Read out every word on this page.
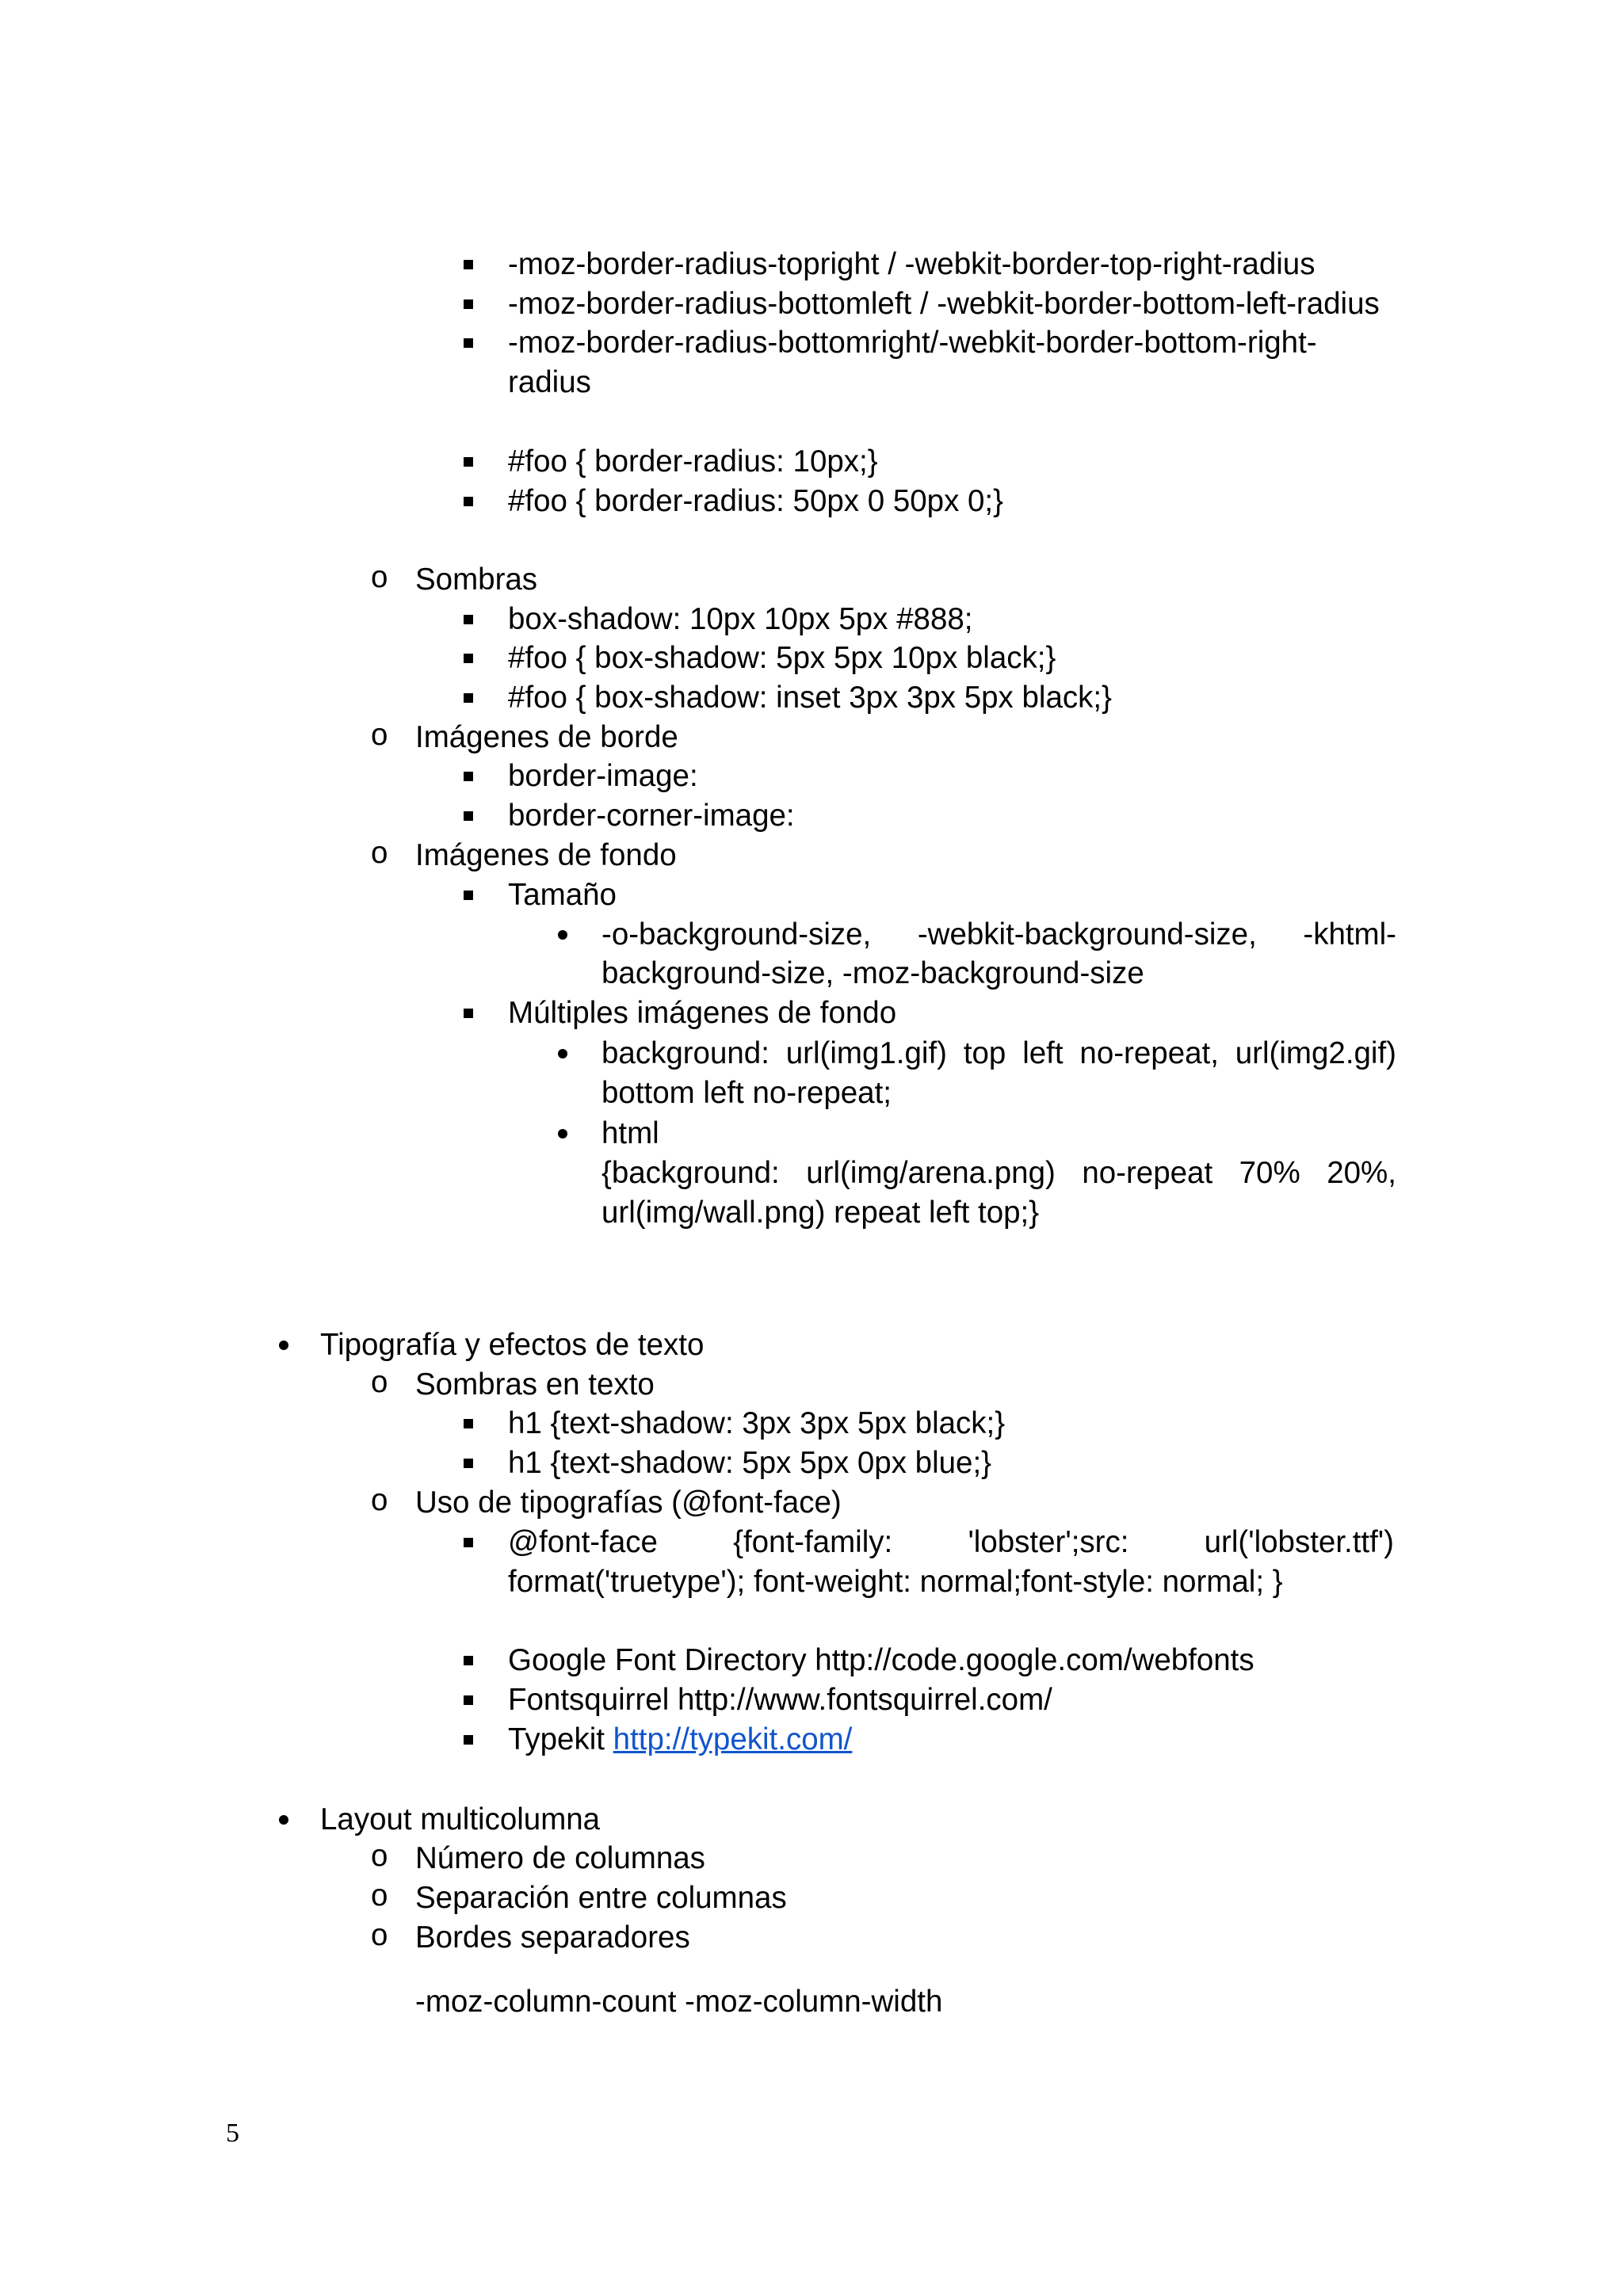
-moz-border-radius-topright / -webkit-border-top-right-radius
-moz-border-radius-bottomleft / -webkit-border-bottom-left-radius
-moz-border-radius-bottomright / -webkit-border-bottom-right-
radius
#foo { border-radius: 10px;}
#foo { border-radius: 50px 0 50px 0;}
Sombras
box-shadow: 10px 10px 5px #888;
#foo { box-shadow: 5px 5px 10px black;}
#foo { box-shadow: inset 3px 3px 5px black;}
Imágenes de borde
border-image:
border-corner-image:
Imágenes de fondo
Tamaño
-o-background-size, -webkit-background-size, -khtml-
background-size, -moz-background-size
Múltiples imágenes de fondo
background: url(img1.gif) top left no-repeat, url(img2.gif)
bottom left no-repeat;
html
{background: url(img/arena.png) no-repeat 70% 20%,
url(img/wall.png) repeat left top;}
Tipografía y efectos de texto
Sombras en texto
h1 {text-shadow: 3px 3px 5px black;}
h1 {text-shadow: 5px 5px 0px blue;}
Uso de tipografías (@font-face)
@font-face {font-family: 'lobster';src: url('lobster.ttf')
format('truetype'); font-weight: normal;font-style: normal; }
Google Font Directory http://code.google.com/webfonts
Fontsquirrel http://www.fontsquirrel.com/
Typekit http://typekit.com/
Layout multicolumna
Número de columnas
Separación entre columnas
Bordes separadores
-moz-column-count -moz-column-width
5
